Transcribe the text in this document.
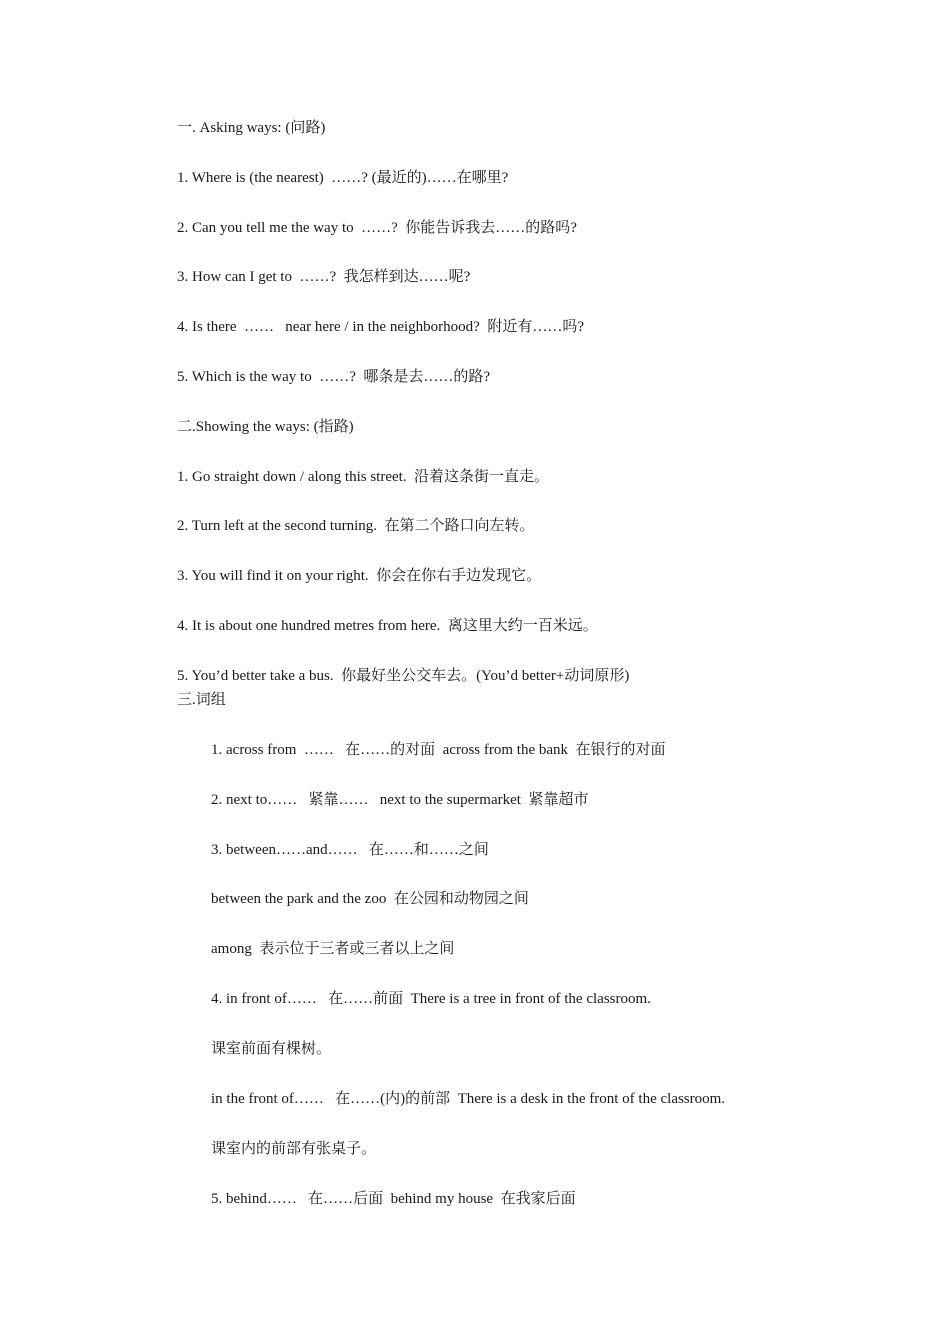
一. Asking ways: (问路)
1. Where is (the nearest)  ……? (最近的)……在哪里?
2. Can you tell me the way to  ……?  你能告诉我去……的路吗?
3. How can I get to  ……?  我怎样到达……呢?
4. Is there  ……   near here / in the neighborhood?  附近有……吗?
5. Which is the way to  ……?  哪条是去……的路?
二.Showing the ways: (指路)
1. Go straight down / along this street.  沿着这条街一直走。
2. Turn left at the second turning.  在第二个路口向左转。
3. You will find it on your right.  你会在你右手边发现它。
4. It is about one hundred metres from here.  离这里大约一百米远。
5. You’d better take a bus.  你最好坐公交车去。(You’d better+动词原形)
三.词组
1. across from  ……   在……的对面  across from the bank  在银行的对面
2. next to……   紧靠……   next to the supermarket  紧靠超市
3. between……and……   在……和……之间
between the park and the zoo  在公园和动物园之间
among  表示位于三者或三者以上之间
4. in front of……   在……前面  There is a tree in front of the classroom.
课室前面有棵树。
in the front of……   在……(内)的前部  There is a desk in the front of the classroom.
课室内的前部有张桌子。
5. behind……   在……后面  behind my house  在我家后面
